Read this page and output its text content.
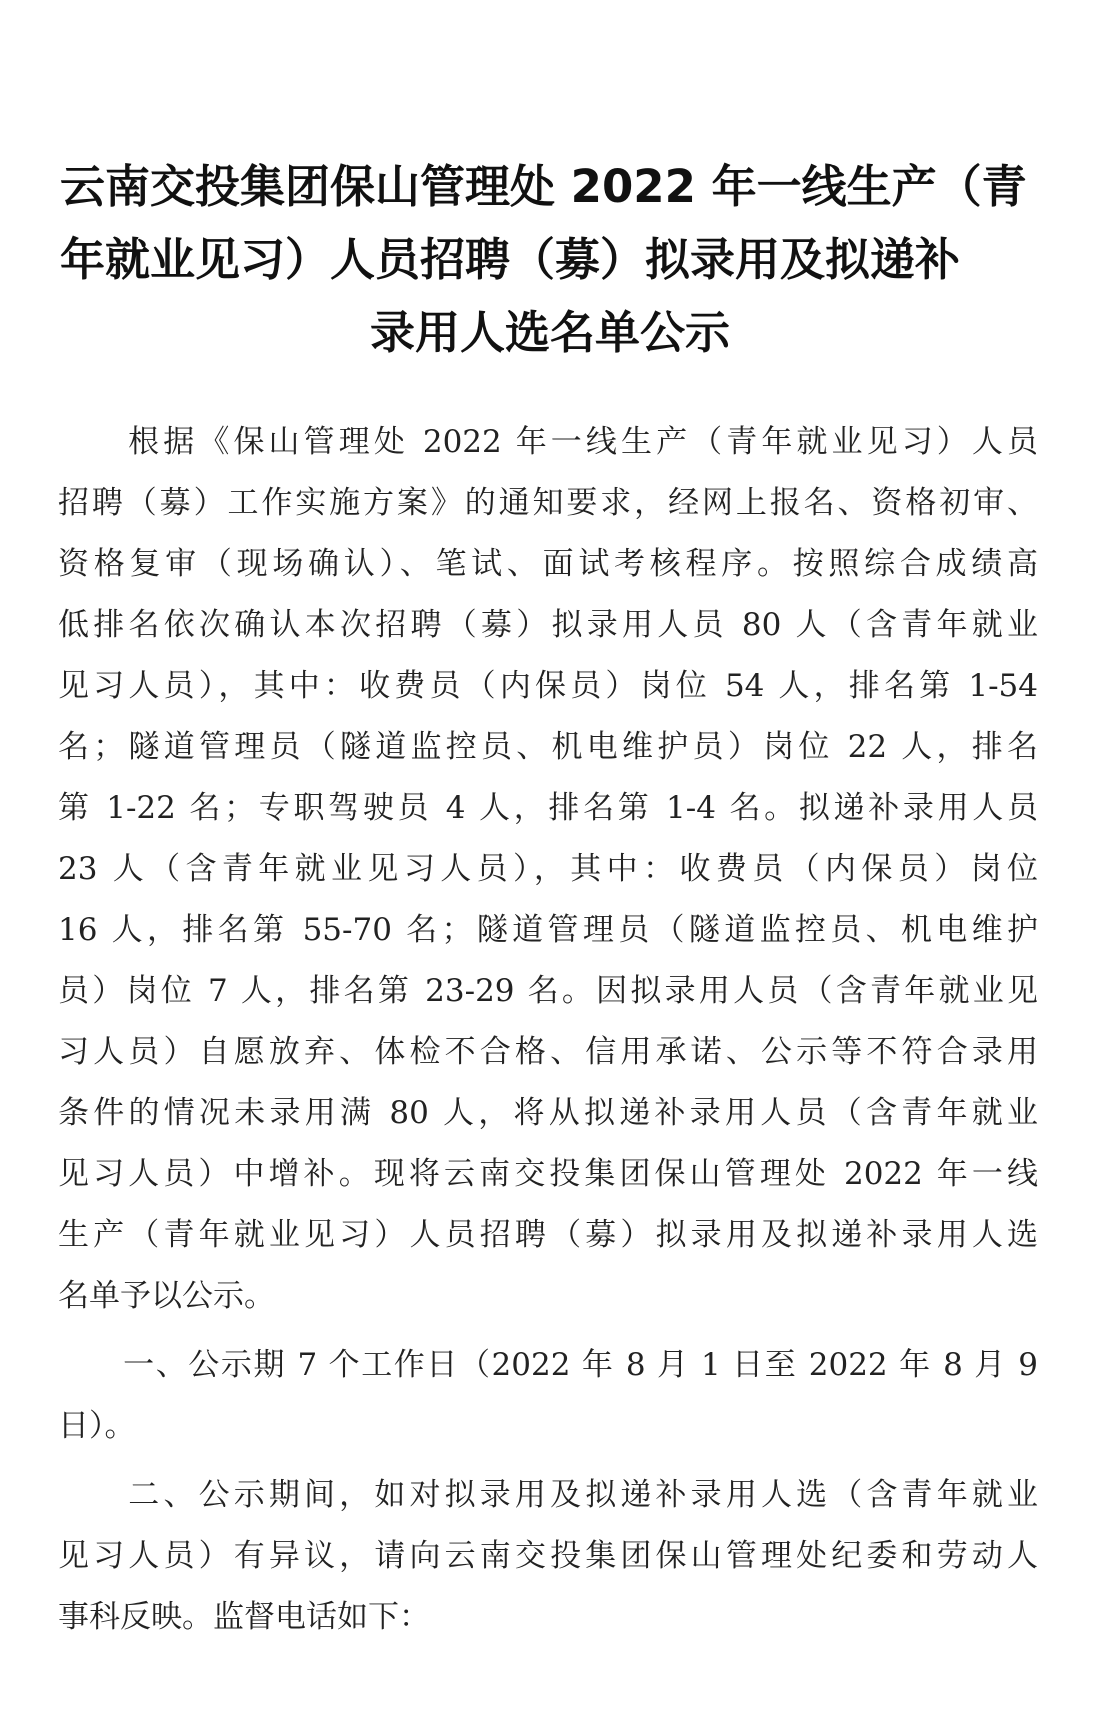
云南交投集团保山管理处 2022 年一线生产（青
年就业见习）人员招聘（募）拟录用及拟递补
录用人选名单公示
　　根据《保山管理处 2022 年一线生产（青年就业见习）人员
招聘（募）工作实施方案》的通知要求，经网上报名、资格初审、
资格复审（现场确认）、笔试、面试考核程序。按照综合成绩高
低排名依次确认本次招聘（募）拟录用人员 80 人（含青年就业
见习人员），其中：收费员（内保员）岗位 54 人，排名第 1-54
名；隧道管理员（隧道监控员、机电维护员）岗位 22 人，排名
第 1-22 名；专职驾驶员 4 人，排名第 1-4 名。拟递补录用人员
23 人（含青年就业见习人员），其中：收费员（内保员）岗位
16 人，排名第 55-70 名；隧道管理员（隧道监控员、机电维护
员）岗位 7 人，排名第 23-29 名。因拟录用人员（含青年就业见
习人员）自愿放弃、体检不合格、信用承诺、公示等不符合录用
条件的情况未录用满 80 人，将从拟递补录用人员（含青年就业
见习人员）中增补。现将云南交投集团保山管理处 2022 年一线
生产（青年就业见习）人员招聘（募）拟录用及拟递补录用人选
名单予以公示。
　　一、公示期 7 个工作日（2022 年 8 月 1 日至 2022 年 8 月 9
日）。
　　二、公示期间，如对拟录用及拟递补录用人选（含青年就业
见习人员）有异议，请向云南交投集团保山管理处纪委和劳动人
事科反映。监督电话如下：
